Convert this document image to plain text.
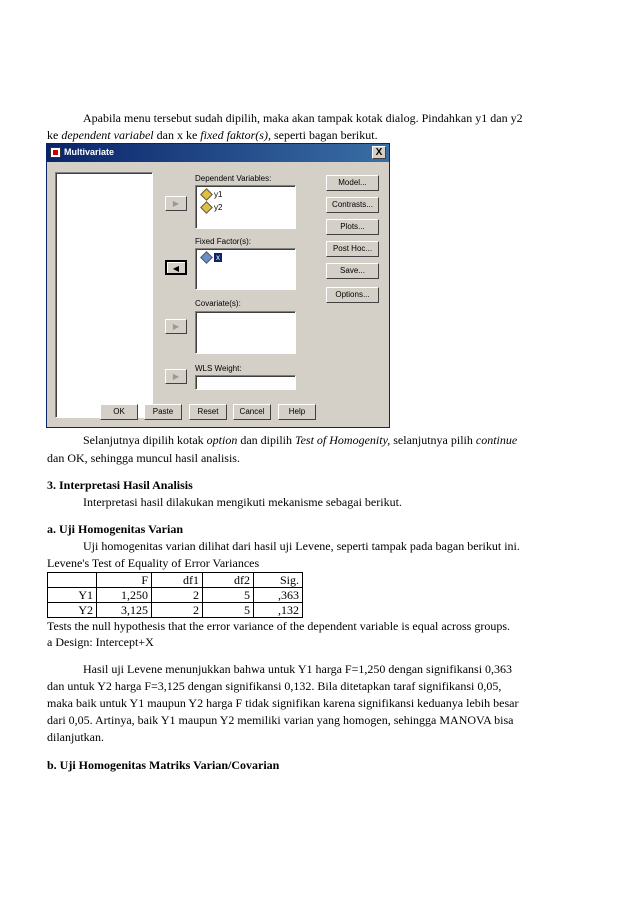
Apabila menu tersebut sudah dipilih, maka akan tampak kotak dialog. Pindahkan y1 dan y2
ke dependent variabel dan x ke fixed faktor(s), seperti bagan berikut.
Multivariate	X
▶
◀
▶
▶
Dependent Variables:
y1
y2
Fixed Factor(s):
x
Covariate(s):
WLS Weight:
Model...
Contrasts...
Plots...
Post Hoc...
Save...
Options...
OK	Paste	Reset	Cancel	Help
Selanjutnya dipilih kotak option dan dipilih Test of Homogenity, selanjutnya pilih continue
dan OK, sehingga muncul hasil analisis.
3. Interpretasi Hasil Analisis
Interpretasi hasil dilakukan mengikuti mekanisme sebagai berikut.
a. Uji Homogenitas Varian
Uji homogenitas varian dilihat dari hasil uji Levene, seperti tampak pada bagan berikut ini.
Levene's Test of Equality of Error Variances
	F	df1	df2	Sig.
Y1	1,250	2	5	,363
Y2	3,125	2	5	,132
Tests the null hypothesis that the error variance of the dependent variable is equal across groups.
a Design: Intercept+X
Hasil uji Levene menunjukkan bahwa untuk Y1 harga F=1,250 dengan signifikansi 0,363
dan untuk Y2 harga F=3,125 dengan signifikansi 0,132. Bila ditetapkan taraf signifikansi 0,05,
maka baik untuk Y1 maupun Y2 harga F tidak signifikan karena signifikansi keduanya lebih besar
dari 0,05. Artinya, baik Y1 maupun Y2 memiliki varian yang homogen, sehingga MANOVA bisa
dilanjutkan.
b. Uji Homogenitas Matriks Varian/Covarian
